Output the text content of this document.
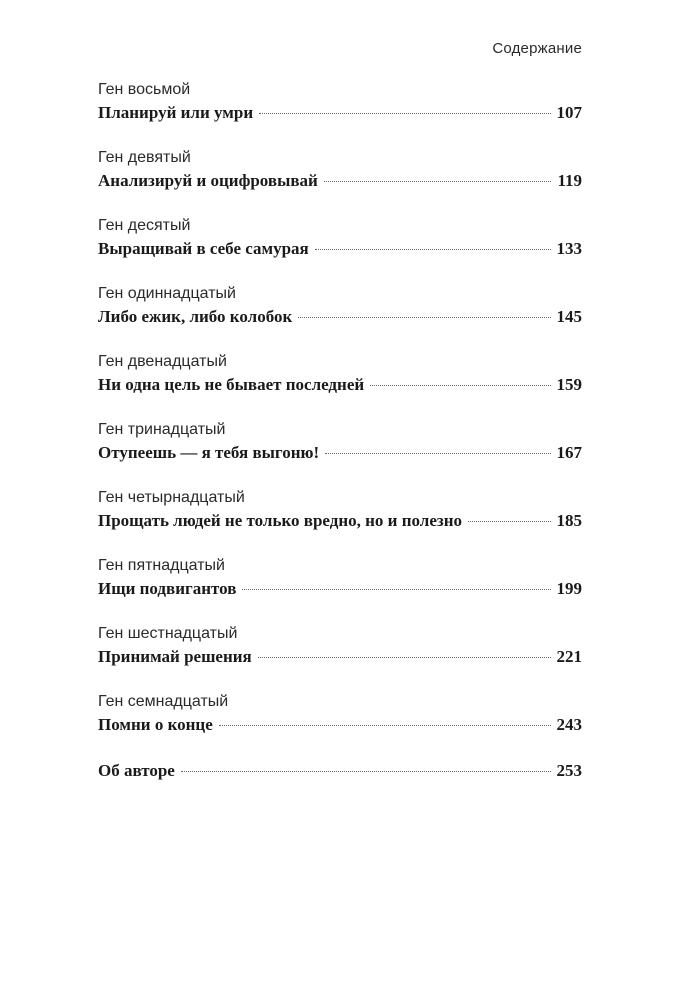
Содержание
Ген восьмой
Планируй или умри	107
Ген девятый
Анализируй и оцифровывай	119
Ген десятый
Выращивай в себе самурая	133
Ген одиннадцатый
Либо ежик, либо колобок	145
Ген двенадцатый
Ни одна цель не бывает последней	159
Ген тринадцатый
Отупеешь — я тебя выгоню!	167
Ген четырнадцатый
Прощать людей не только вредно, но и полезно	185
Ген пятнадцатый
Ищи подвигантов	199
Ген шестнадцатый
Принимай решения	221
Ген семнадцатый
Помни о конце	243
Об авторе	253
